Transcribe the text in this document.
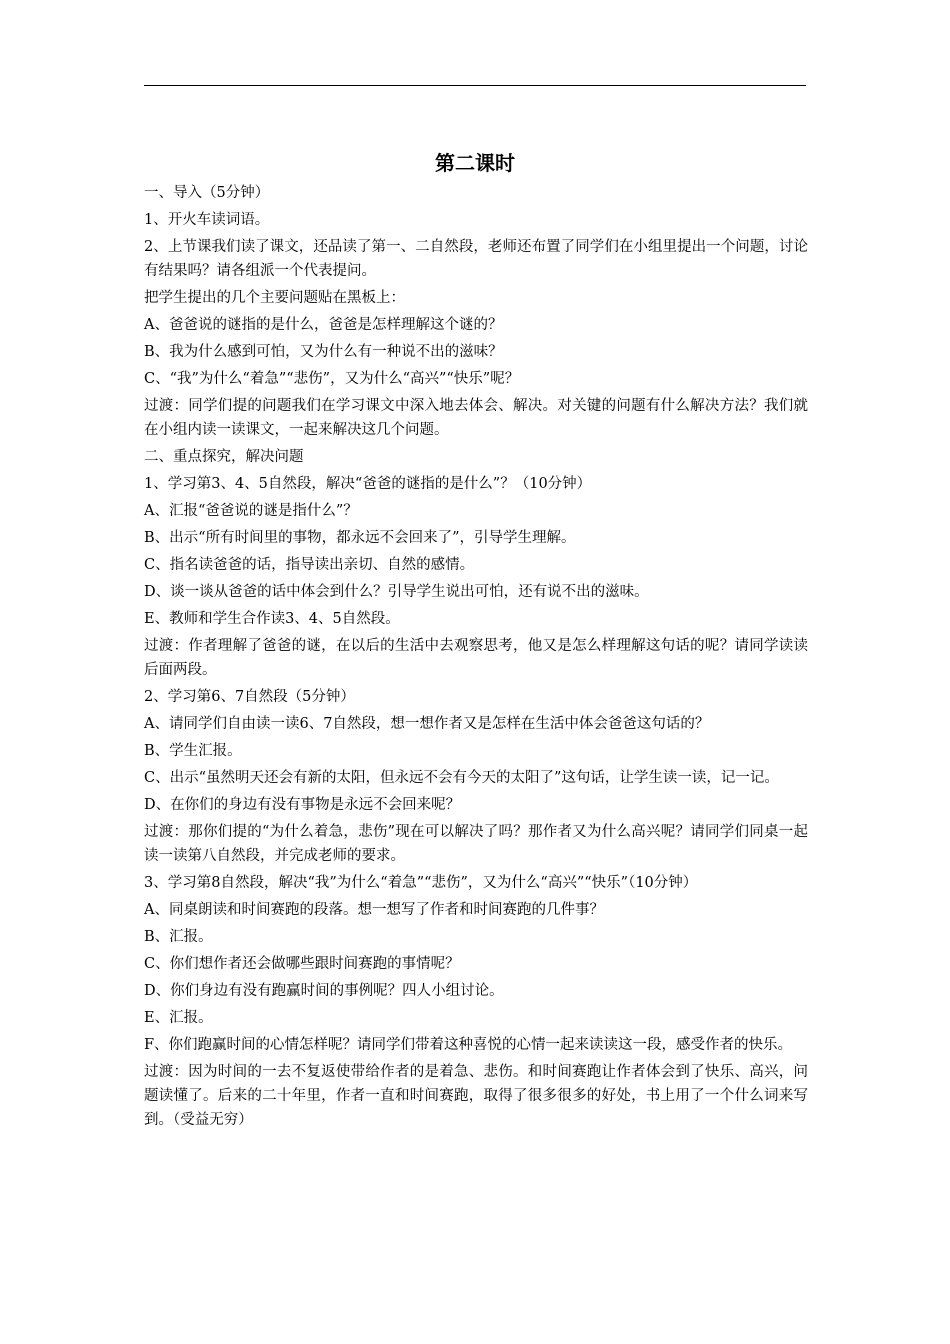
第二课时

一、导入（5分钟）

1、开火车读词语。

2、上节课我们读了课文，还品读了第一、二自然段，老师还布置了同学们在小组里提出一个问题，讨论有结果吗？请各组派一个代表提问。

把学生提出的几个主要问题贴在黑板上：

A、爸爸说的谜指的是什么，爸爸是怎样理解这个谜的？

B、我为什么感到可怕，又为什么有一种说不出的滋味？

C、“我”为什么“着急”“悲伤”，又为什么“高兴”“快乐”呢？

过渡：同学们提的问题我们在学习课文中深入地去体会、解决。对关键的问题有什么解决方法？我们就在小组内读一读课文，一起来解决这几个问题。

二、重点探究，解决问题

1、学习第3、4、5自然段，解决“爸爸的谜指的是什么”？（10分钟）

A、汇报“爸爸说的谜是指什么”？

B、出示“所有时间里的事物，都永远不会回来了”，引导学生理解。

C、指名读爸爸的话，指导读出亲切、自然的感情。

D、谈一谈从爸爸的话中体会到什么？引导学生说出可怕，还有说不出的滋味。

E、教师和学生合作读3、4、5自然段。

过渡：作者理解了爸爸的谜，在以后的生活中去观察思考，他又是怎么样理解这句话的呢？请同学读读后面两段。

2、学习第6、7自然段（5分钟）

A、请同学们自由读一读6、7自然段，想一想作者又是怎样在生活中体会爸爸这句话的？

B、学生汇报。

C、出示“虽然明天还会有新的太阳，但永远不会有今天的太阳了”这句话，让学生读一读，记一记。

D、在你们的身边有没有事物是永远不会回来呢？

过渡：那你们提的“为什么着急，悲伤”现在可以解决了吗？那作者又为什么高兴呢？请同学们同桌一起读一读第八自然段，并完成老师的要求。

3、学习第8自然段，解决“我”为什么“着急”“悲伤”，又为什么“高兴”“快乐”（10分钟）

A、同桌朗读和时间赛跑的段落。想一想写了作者和时间赛跑的几件事？

B、汇报。

C、你们想作者还会做哪些跟时间赛跑的事情呢？

D、你们身边有没有跑赢时间的事例呢？四人小组讨论。

E、汇报。

F、你们跑赢时间的心情怎样呢？请同学们带着这种喜悦的心情一起来读读这一段，感受作者的快乐。

过渡：因为时间的一去不复返使带给作者的是着急、悲伤。和时间赛跑让作者体会到了快乐、高兴，问题读懂了。后来的二十年里，作者一直和时间赛跑，取得了很多很多的好处，书上用了一个什么词来写到。（受益无穷）
